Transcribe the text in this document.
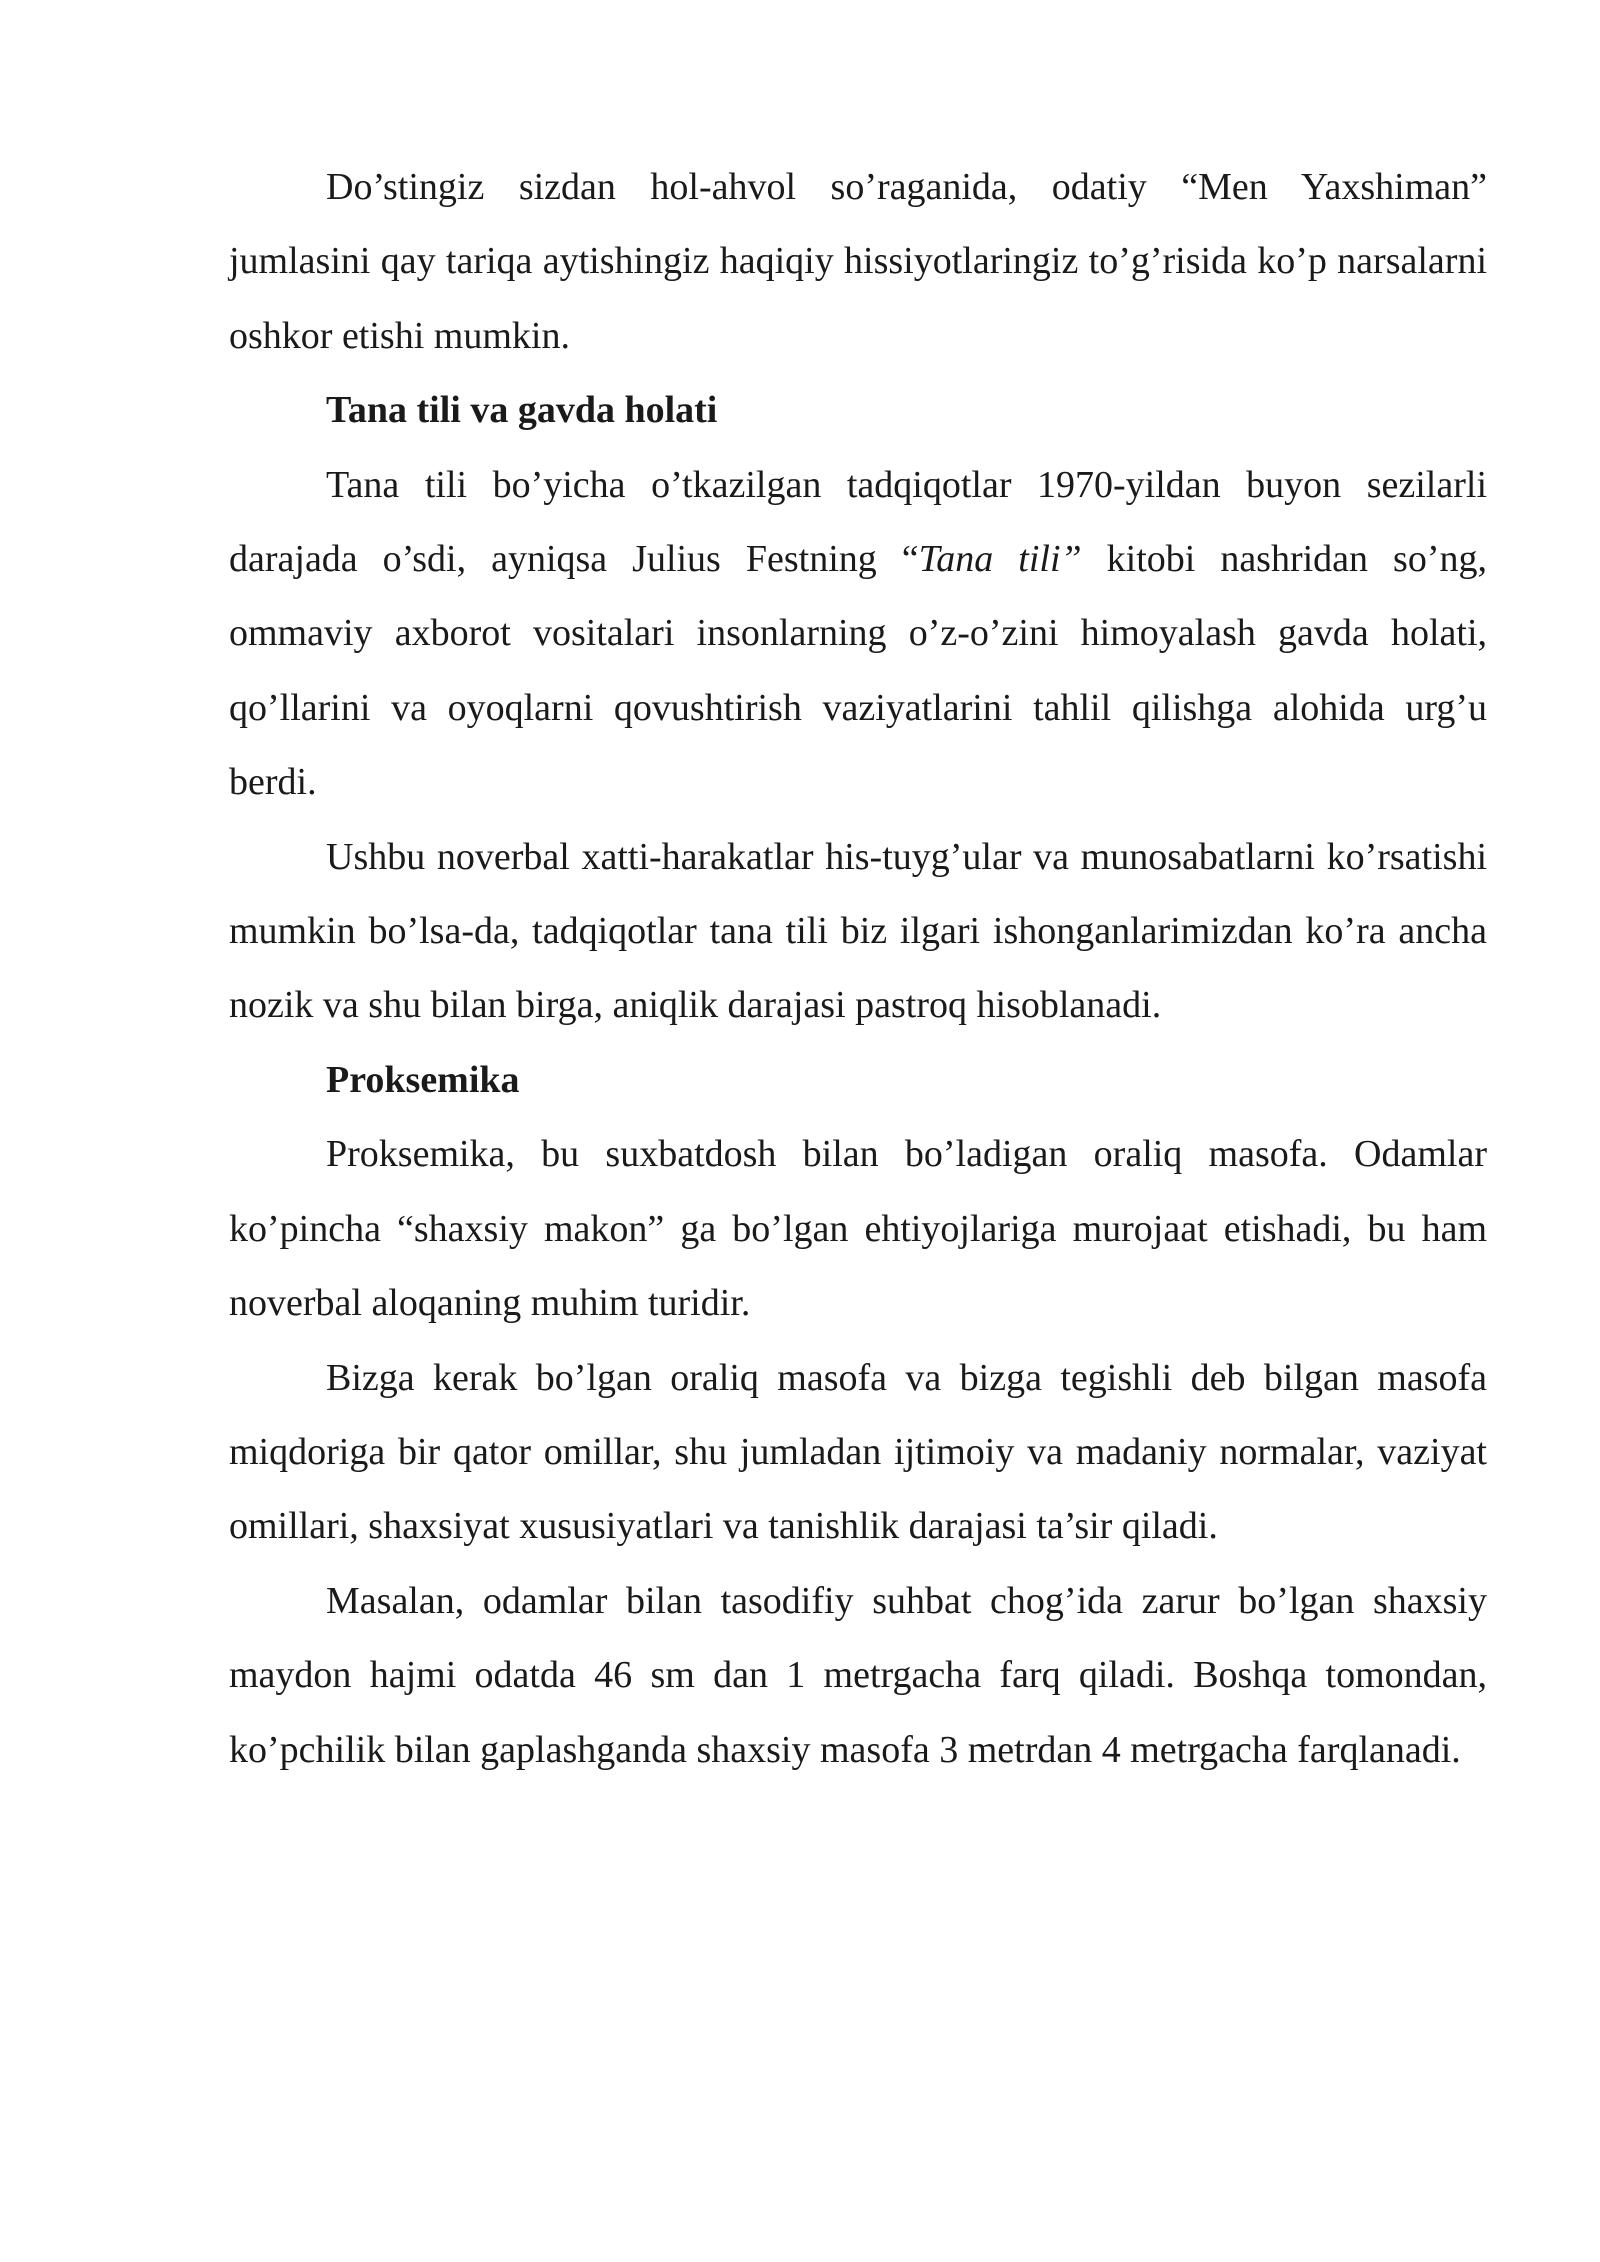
Do’stingiz sizdan hol-ahvol so’raganida, odatiy “Men Yaxshiman” jumlasini qay tariqa aytishingiz haqiqiy hissiyotlaringiz to’g’risida ko’p narsalarni oshkor etishi mumkin.

Tana tili va gavda holati

Tana tili bo’yicha o’tkazilgan tadqiqotlar 1970-yildan buyon sezilarli darajada o’sdi, ayniqsa Julius Festning “Tana tili” kitobi nashridan so’ng, ommaviy axborot vositalari insonlarning o’z-o’zini himoyalash gavda holati, qo’llarini va oyoqlarni qovushtirish vaziyatlarini tahlil qilishga alohida urg’u berdi.

Ushbu noverbal xatti-harakatlar his-tuyg’ular va munosabatlarni ko’rsatishi mumkin bo’lsa-da, tadqiqotlar tana tili biz ilgari ishonganlarimizdan ko’ra ancha nozik va shu bilan birga, aniqlik darajasi pastroq hisoblanadi.

Proksemika

Proksemika, bu suxbatdosh bilan bo’ladigan oraliq masofa. Odamlar ko’pincha “shaxsiy makon” ga bo’lgan ehtiyojlariga murojaat etishadi, bu ham noverbal aloqaning muhim turidir.

Bizga kerak bo’lgan oraliq masofa va bizga tegishli deb bilgan masofa miqdoriga bir qator omillar, shu jumladan ijtimoiy va madaniy normalar, vaziyat omillari, shaxsiyat xususiyatlari va tanishlik darajasi ta’sir qiladi.

Masalan, odamlar bilan tasodifiy suhbat chog’ida zarur bo’lgan shaxsiy maydon hajmi odatda 46 sm dan 1 metrgacha farq qiladi. Boshqa tomondan, ko’pchilik bilan gaplashganda shaxsiy masofa 3 metrdan 4 metrgacha farqlanadi.
